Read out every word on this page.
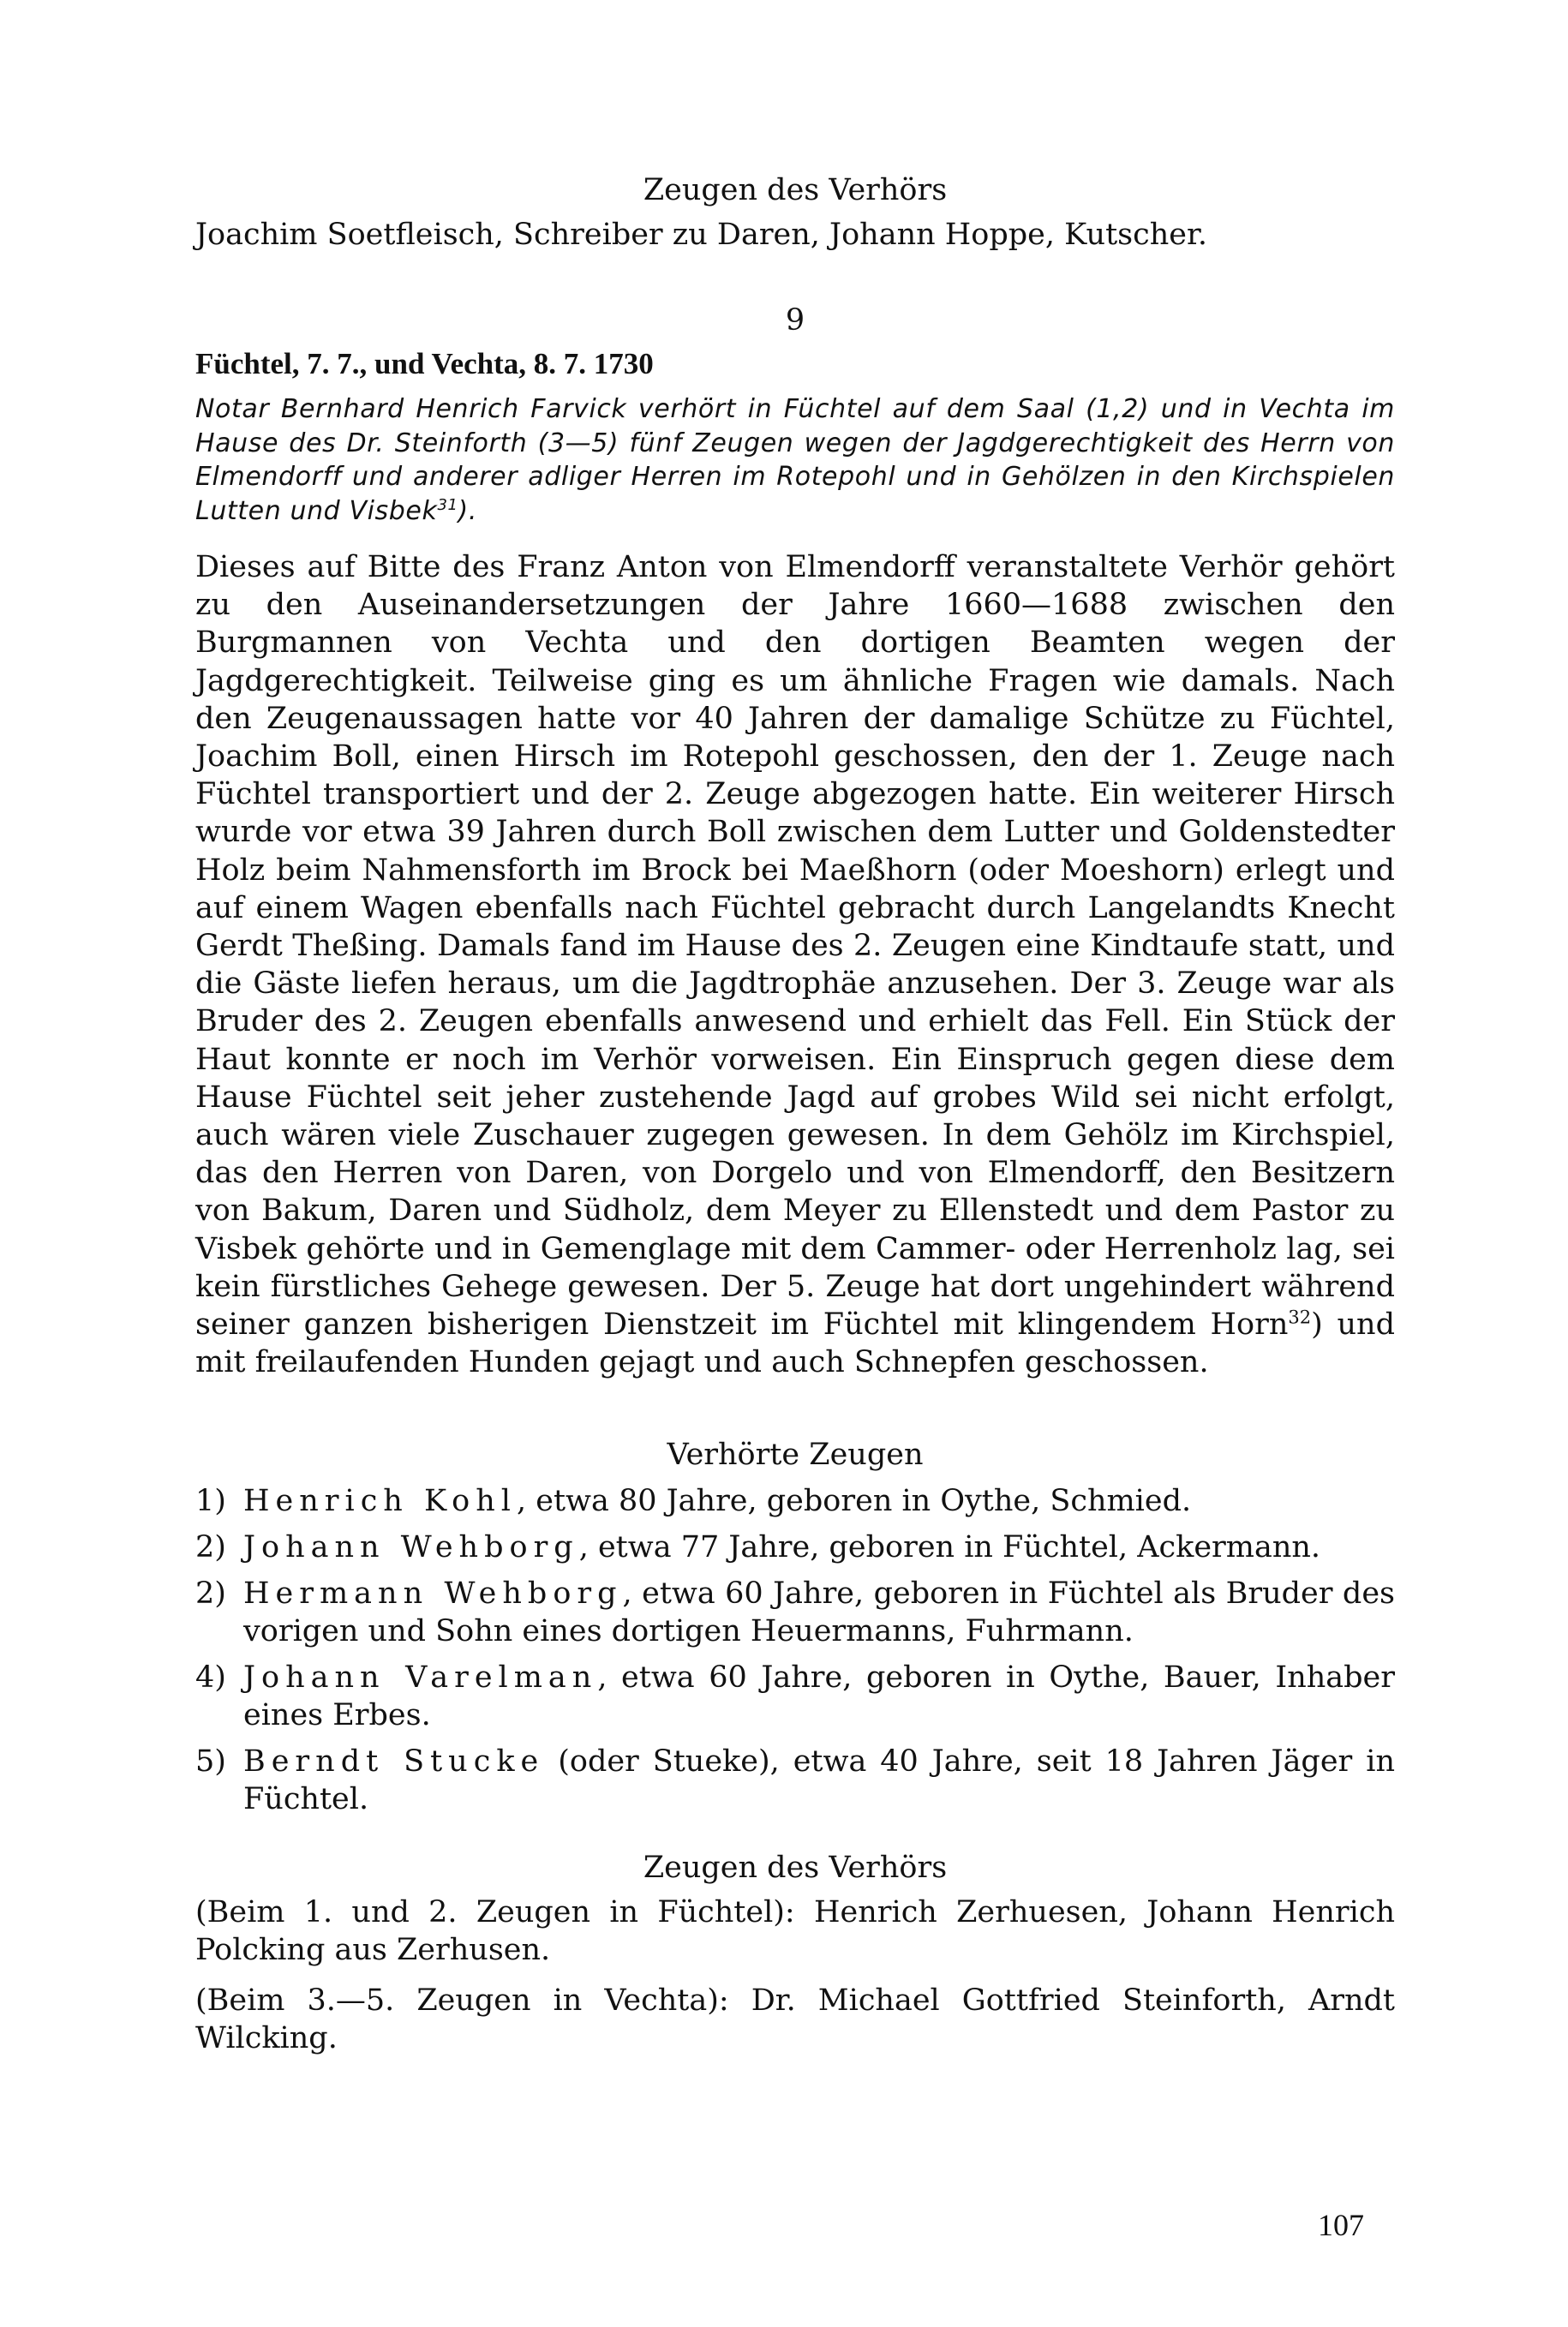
Zeugen des Verhörs
Joachim Soetfleisch, Schreiber zu Daren, Johann Hoppe, Kutscher.
9
Füchtel, 7. 7., und Vechta, 8. 7. 1730
Notar Bernhard Henrich Farvick verhört in Füchtel auf dem Saal (1,2) und in Vechta im Hause des Dr. Steinforth (3—5) fünf Zeugen wegen der Jagdgerechtigkeit des Herrn von Elmendorff und anderer adliger Herren im Rotepohl und in Gehölzen in den Kirchspielen Lutten und Visbek$^{31}$).
Dieses auf Bitte des Franz Anton von Elmendorff veranstaltete Verhör gehört zu den Auseinandersetzungen der Jahre 1660—1688 zwischen den Burgmannen von Vechta und den dortigen Beamten wegen der Jagdgerechtigkeit. Teilweise ging es um ähnliche Fragen wie damals. Nach den Zeugenaussagen hatte vor 40 Jahren der damalige Schütze zu Füchtel, Joachim Boll, einen Hirsch im Rotepohl geschossen, den der 1. Zeuge nach Füchtel transportiert und der 2. Zeuge abgezogen hatte. Ein weiterer Hirsch wurde vor etwa 39 Jahren durch Boll zwischen dem Lutter und Goldenstedter Holz beim Nahmensforth im Brock bei Maeßhorn (oder Moeshorn) erlegt und auf einem Wagen ebenfalls nach Füchtel gebracht durch Langelandts Knecht Gerdt Theßing. Damals fand im Hause des 2. Zeugen eine Kindtaufe statt, und die Gäste liefen heraus, um die Jagdtrophäe anzusehen. Der 3. Zeuge war als Bruder des 2. Zeugen ebenfalls anwesend und erhielt das Fell. Ein Stück der Haut konnte er noch im Verhör vorweisen. Ein Einspruch gegen diese dem Hause Füchtel seit jeher zustehende Jagd auf grobes Wild sei nicht erfolgt, auch wären viele Zuschauer zugegen gewesen. In dem Gehölz im Kirchspiel, das den Herren von Daren, von Dorgelo und von Elmendorff, den Besitzern von Bakum, Daren und Südholz, dem Meyer zu Ellenstedt und dem Pastor zu Visbek gehörte und in Gemenglage mit dem Cammer- oder Herrenholz lag, sei kein fürstliches Gehege gewesen. Der 5. Zeuge hat dort ungehindert während seiner ganzen bisherigen Dienstzeit im Füchtel mit klingendem Horn$^{32}$) und mit freilaufenden Hunden gejagt und auch Schnepfen geschossen.
Verhörte Zeugen
1) Henrich Kohl, etwa 80 Jahre, geboren in Oythe, Schmied.
2) Johann Wehborg, etwa 77 Jahre, geboren in Füchtel, Ackermann.
2) Hermann Wehborg, etwa 60 Jahre, geboren in Füchtel als Bruder des vorigen und Sohn eines dortigen Heuermanns, Fuhrmann.
4) Johann Varelman, etwa 60 Jahre, geboren in Oythe, Bauer, Inhaber eines Erbes.
5) Berndt Stucke (oder Stueke), etwa 40 Jahre, seit 18 Jahren Jäger in Füchtel.
Zeugen des Verhörs
(Beim 1. und 2. Zeugen in Füchtel): Henrich Zerhuesen, Johann Henrich Polcking aus Zerhusen.
(Beim 3.—5. Zeugen in Vechta): Dr. Michael Gottfried Steinforth, Arndt Wilcking.
107
